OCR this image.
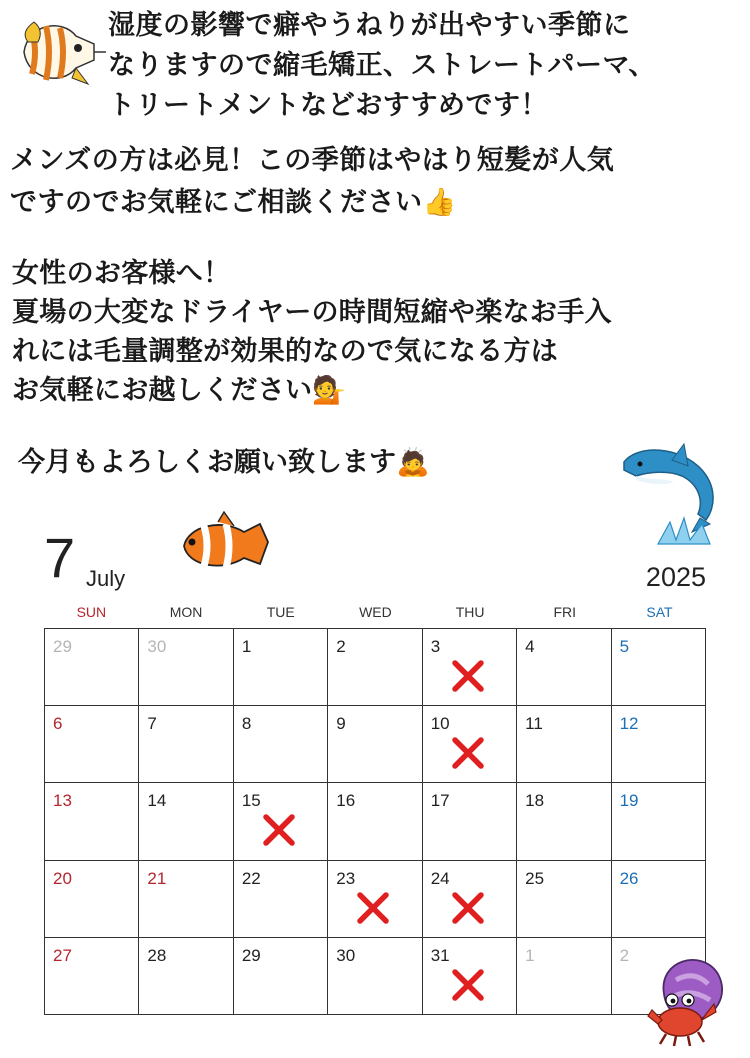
湿度の影響で癖やうねりが出やすい季節に
なりますので縮毛矯正、ストレートパーマ、
トリートメントなどおすすめです！
メンズの方は必見！この季節はやはり短髪が人気
ですのでお気軽にご相談ください👍
女性のお客様へ！
夏場の大変なドライヤーの時間短縮や楽なお手入
れには毛量調整が効果的なので気になる方は
お気軽にお越しください💁
今月もよろしくお願い致します🙇
7 July	2025
SUN	MON	TUE	WED	THU	FRI	SAT
29	30	1	2	3	4	5
6	7	8	9	10	11	12
13	14	15	16	17	18	19
20	21	22	23	24	25	26
27	28	29	30	31	1	2
